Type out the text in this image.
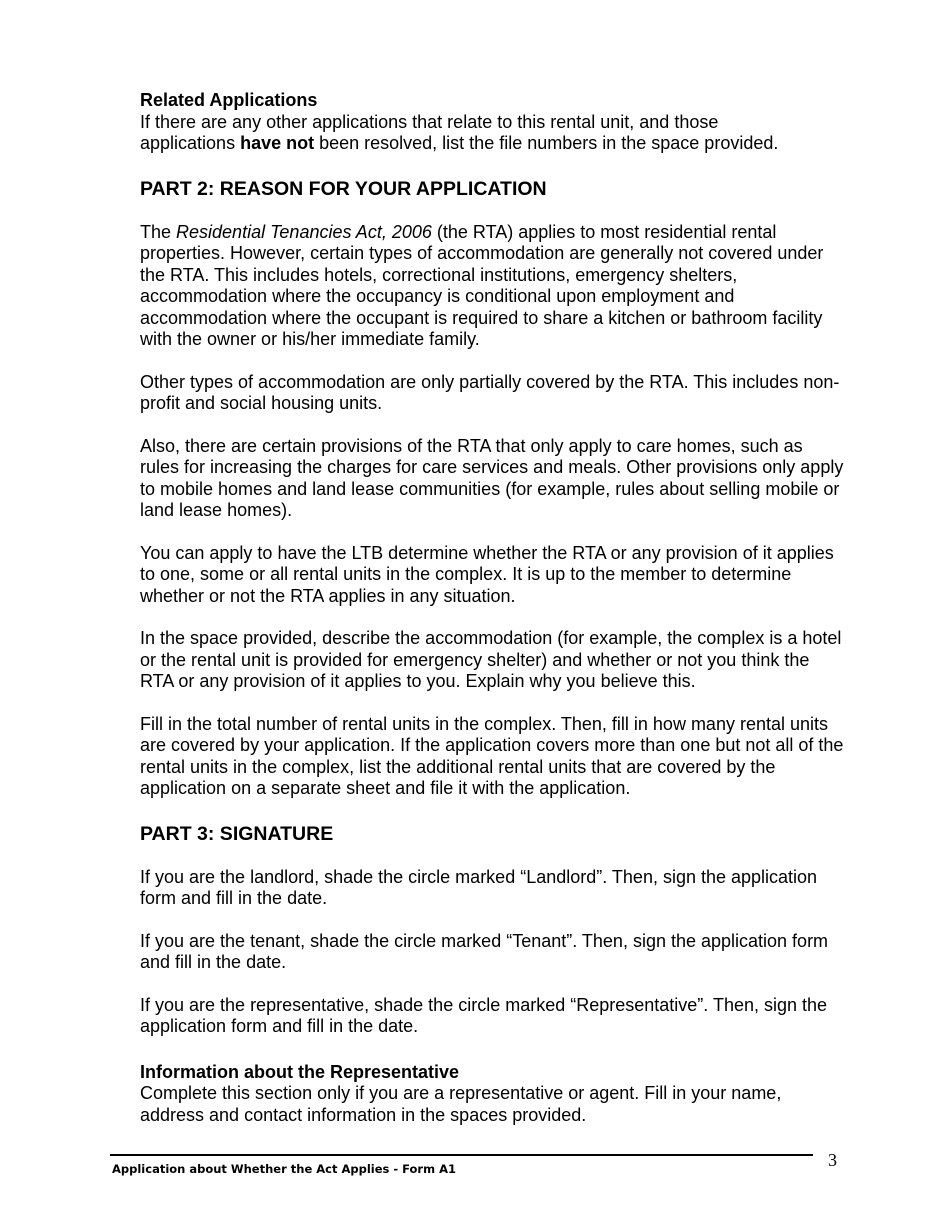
Related Applications

If there are any other applications that relate to this rental unit, and those
applications have not been resolved, list the file numbers in the space provided.

PART 2: REASON FOR YOUR APPLICATION

The Residential Tenancies Act, 2006 (the RTA) applies to most residential rental properties. However, certain types of accommodation are generally not covered under the RTA. This includes hotels, correctional institutions, emergency shelters, accommodation where the occupancy is conditional upon employment and accommodation where the occupant is required to share a kitchen or bathroom facility with the owner or his/her immediate family.

Other types of accommodation are only partially covered by the RTA. This includes non-profit and social housing units.

Also, there are certain provisions of the RTA that only apply to care homes, such as rules for increasing the charges for care services and meals. Other provisions only apply to mobile homes and land lease communities (for example, rules about selling mobile or land lease homes).

You can apply to have the LTB determine whether the RTA or any provision of it applies to one, some or all rental units in the complex. It is up to the member to determine whether or not the RTA applies in any situation.

In the space provided, describe the accommodation (for example, the complex is a hotel or the rental unit is provided for emergency shelter) and whether or not you think the RTA or any provision of it applies to you. Explain why you believe this.

Fill in the total number of rental units in the complex. Then, fill in how many rental units are covered by your application. If the application covers more than one but not all of the rental units in the complex, list the additional rental units that are covered by the application on a separate sheet and file it with the application.

PART 3: SIGNATURE

If you are the landlord, shade the circle marked “Landlord”. Then, sign the application form and fill in the date.

If you are the tenant, shade the circle marked “Tenant”. Then, sign the application form and fill in the date.

If you are the representative, shade the circle marked “Representative”. Then, sign the application form and fill in the date.

Information about the Representative

Complete this section only if you are a representative or agent. Fill in your name, address and contact information in the spaces provided.

Application about Whether the Act Applies - Form A1	3
